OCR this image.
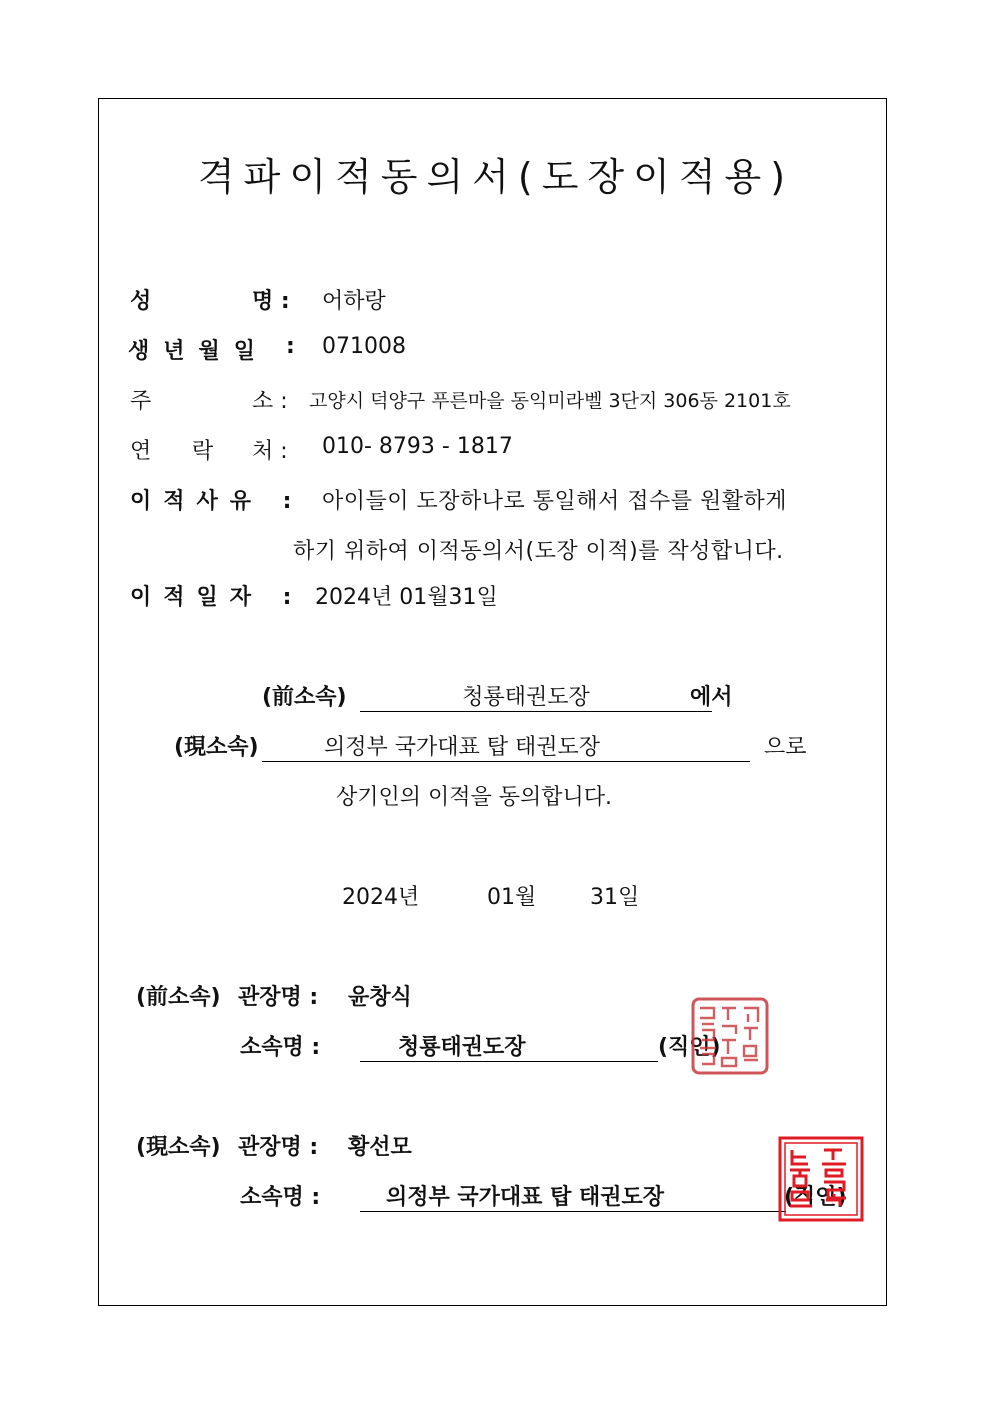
격파이적동의서(도장이적용)
성	명 : 어하랑
생년월일 : 071008
주	소 : 고양시 덕양구 푸른마을 동익미라벨 3단지 306동 2101호
연 락 처 : 010- 8793 - 1817
이적사유 : 아이들이 도장하나로 통일해서 접수를 원활하게
하기 위하여 이적동의서(도장 이적)를 작성합니다.
이적일자 : 2024년 01월31일
(前소속)	청룡태권도장	에서
(現소속)	의정부 국가대표 탑 태권도장	으로
상기인의 이적을 동의합니다.
2024년	01월 31일
(前소속) 관장명 : 윤창식
소속명 :	청룡태권도장	(직인)
(現소속) 관장명 : 황선모
소속명 :	의정부 국가대표 탑 태권도장	(직인)
